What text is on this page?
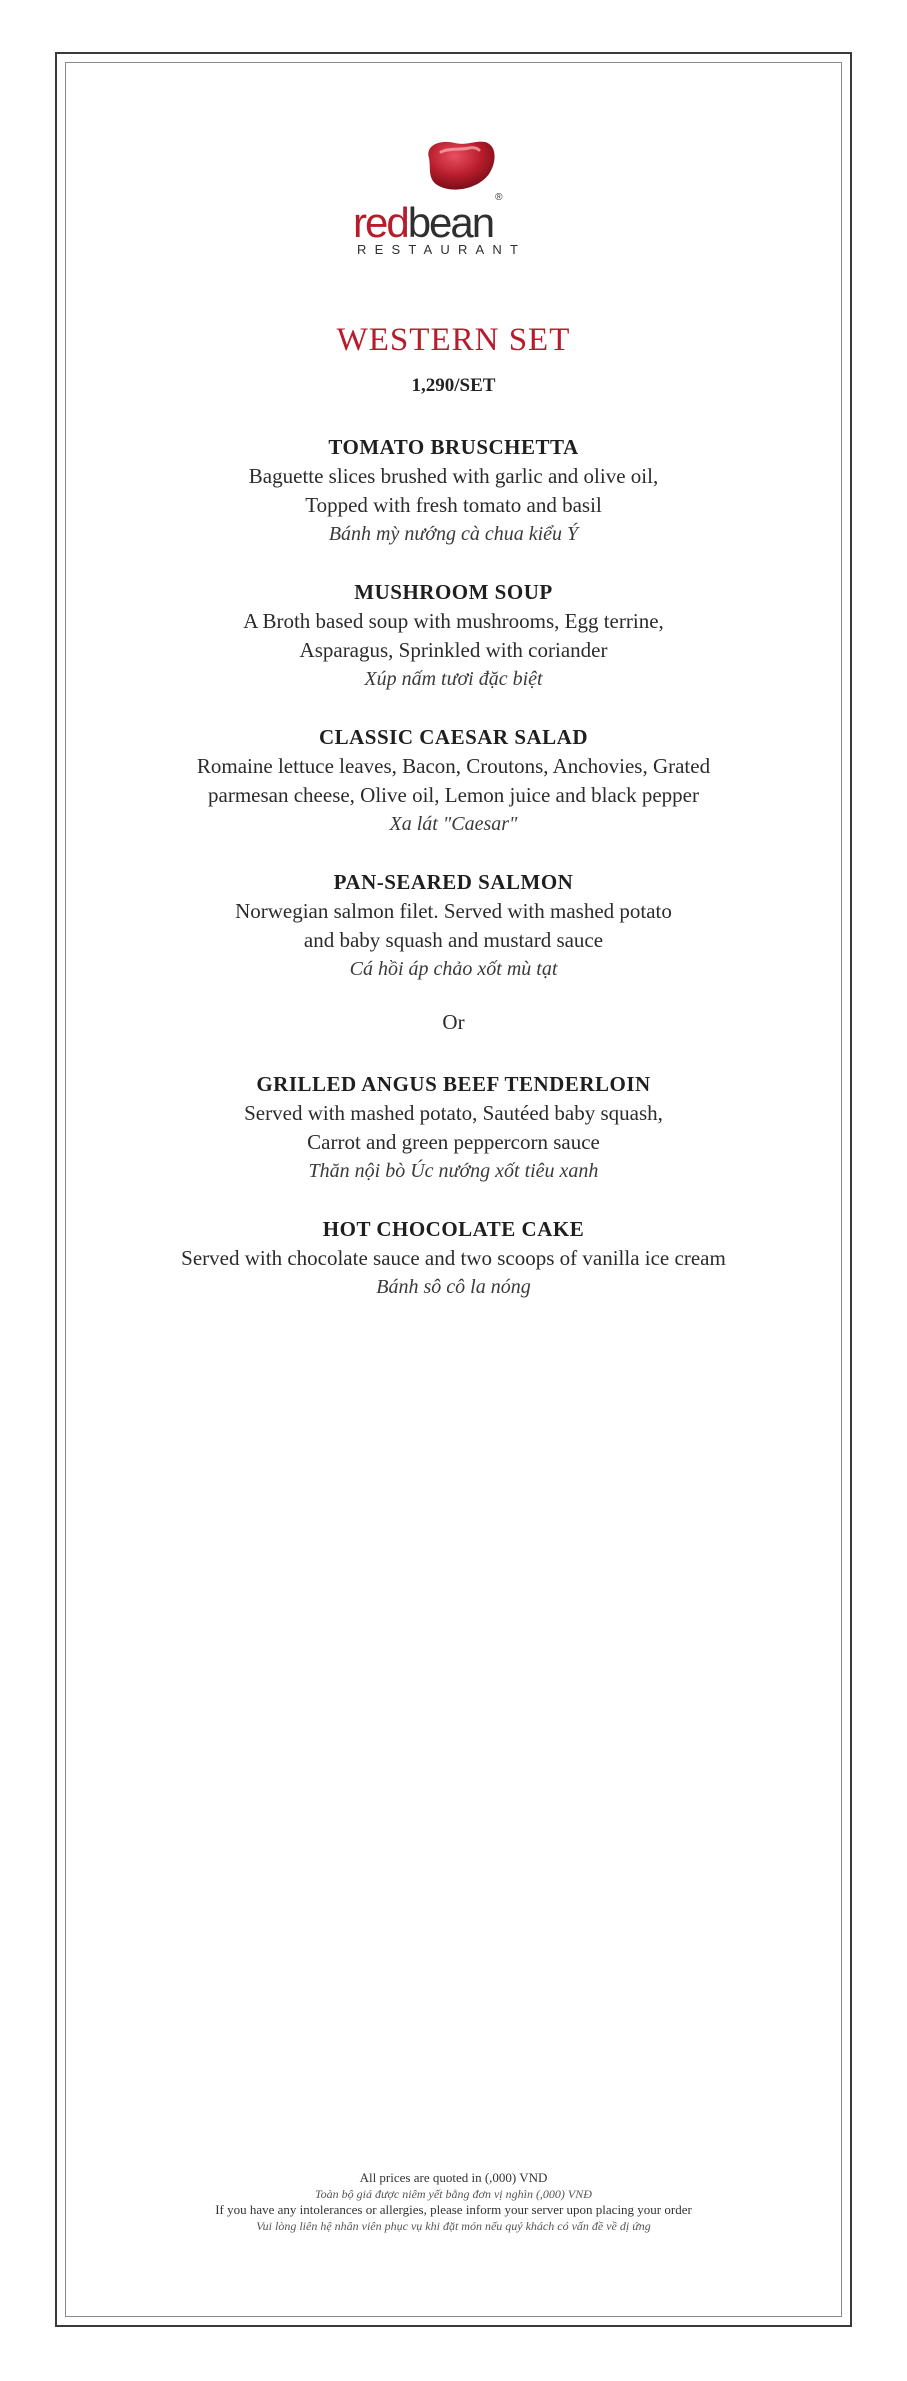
redbean®
RESTAURANT
WESTERN SET
1,290/SET
TOMATO BRUSCHETTA
Baguette slices brushed with garlic and olive oil,
Topped with fresh tomato and basil
Bánh mỳ nướng cà chua kiểu Ý
MUSHROOM SOUP
A Broth based soup with mushrooms, Egg terrine,
Asparagus, Sprinkled with coriander
Xúp nấm tươi đặc biệt
CLASSIC CAESAR SALAD
Romaine lettuce leaves, Bacon, Croutons, Anchovies, Grated
parmesan cheese, Olive oil, Lemon juice and black pepper
Xa lát "Caesar"
PAN-SEARED SALMON
Norwegian salmon filet. Served with mashed potato
and baby squash and mustard sauce
Cá hồi áp chảo xốt mù tạt
Or
GRILLED ANGUS BEEF TENDERLOIN
Served with mashed potato, Sautéed baby squash,
Carrot and green peppercorn sauce
Thăn nội bò Úc nướng xốt tiêu xanh
HOT CHOCOLATE CAKE
Served with chocolate sauce and two scoops of vanilla ice cream
Bánh sô cô la nóng
All prices are quoted in (,000) VND
Toàn bộ giá được niêm yết bằng đơn vị nghìn (,000) VNĐ
If you have any intolerances or allergies, please inform your server upon placing your order
Vui lòng liên hệ nhân viên phục vụ khi đặt món nếu quý khách có vấn đề về dị ứng
